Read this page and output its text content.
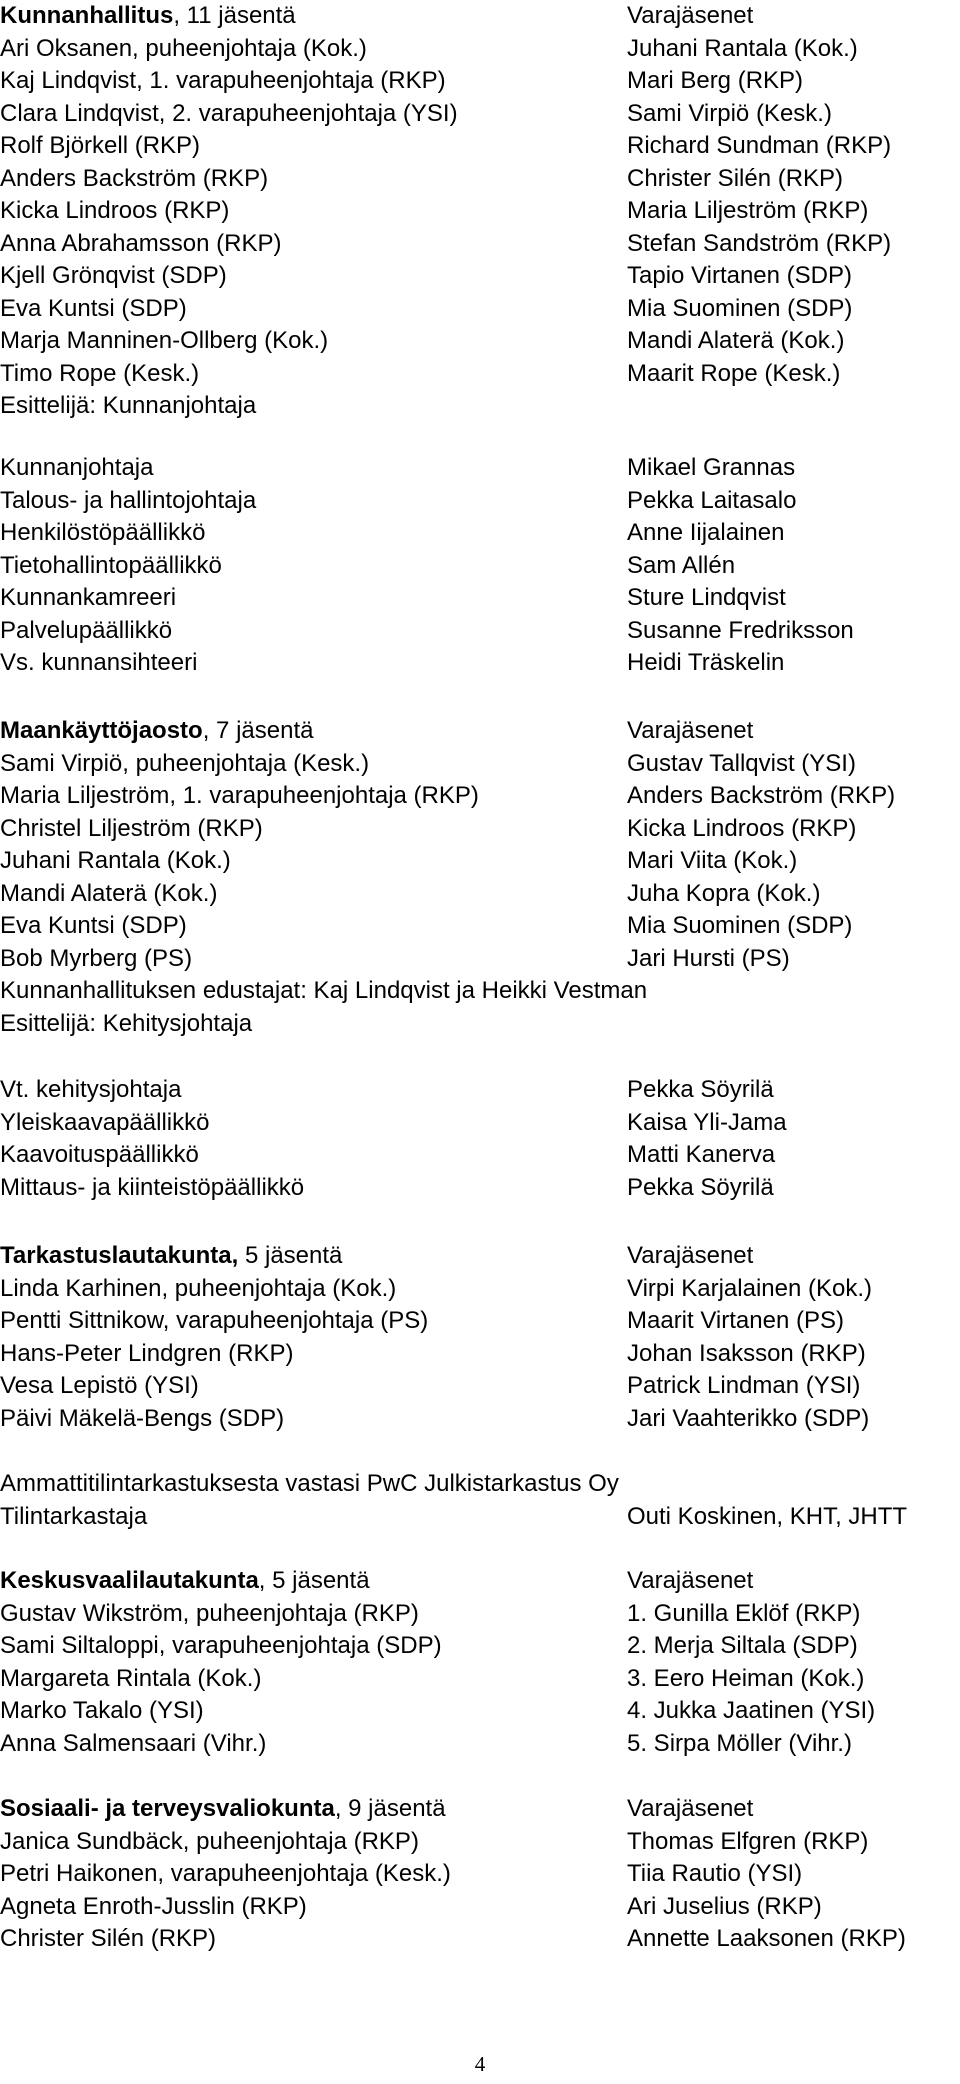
Kunnanhallitus, 11 jäsentä	Varajäsenet
Ari Oksanen, puheenjohtaja (Kok.)	Juhani Rantala (Kok.)
Kaj Lindqvist, 1. varapuheenjohtaja (RKP)	Mari Berg (RKP)
Clara Lindqvist, 2. varapuheenjohtaja (YSI)	Sami Virpiö (Kesk.)
Rolf Björkell (RKP)	Richard Sundman (RKP)
Anders Backström (RKP)	Christer Silén (RKP)
Kicka Lindroos (RKP)	Maria Liljeström (RKP)
Anna Abrahamsson (RKP)	Stefan Sandström (RKP)
Kjell Grönqvist (SDP)	Tapio Virtanen (SDP)
Eva Kuntsi (SDP)	Mia Suominen (SDP)
Marja Manninen-Ollberg (Kok.)	Mandi Alaterä (Kok.)
Timo Rope (Kesk.)	Maarit Rope (Kesk.)
Esittelijä: Kunnanjohtaja
Kunnanjohtaja	Mikael Grannas
Talous- ja hallintojohtaja	Pekka Laitasalo
Henkilöstöpäällikkö	Anne Iijalainen
Tietohallintopäällikkö	Sam Allén
Kunnankamreeri	Sture Lindqvist
Palvelupäällikkö	Susanne Fredriksson
Vs. kunnansihteeri	Heidi Träskelin
Maankäyttöjaosto, 7 jäsentä	Varajäsenet
Sami Virpiö, puheenjohtaja (Kesk.)	Gustav Tallqvist (YSI)
Maria Liljeström, 1. varapuheenjohtaja (RKP)	Anders Backström (RKP)
Christel Liljeström (RKP)	Kicka Lindroos (RKP)
Juhani Rantala (Kok.)	Mari Viita (Kok.)
Mandi Alaterä (Kok.)	Juha Kopra (Kok.)
Eva Kuntsi (SDP)	Mia Suominen (SDP)
Bob Myrberg (PS)	Jari Hursti (PS)
Kunnanhallituksen edustajat: Kaj Lindqvist ja Heikki Vestman
Esittelijä: Kehitysjohtaja
Vt. kehitysjohtaja	Pekka Söyrilä
Yleiskaavapäällikkö	Kaisa Yli-Jama
Kaavoituspäällikkö	Matti Kanerva
Mittaus- ja kiinteistöpäällikkö	Pekka Söyrilä
Tarkastuslautakunta, 5 jäsentä	Varajäsenet
Linda Karhinen, puheenjohtaja (Kok.)	Virpi Karjalainen (Kok.)
Pentti Sittnikow, varapuheenjohtaja (PS)	Maarit Virtanen (PS)
Hans-Peter Lindgren (RKP)	Johan Isaksson (RKP)
Vesa Lepistö (YSI)	Patrick Lindman (YSI)
Päivi Mäkelä-Bengs (SDP)	Jari Vaahterikko (SDP)
Ammattitilintarkastuksesta vastasi PwC Julkistarkastus Oy
Tilintarkastaja	Outi Koskinen, KHT, JHTT
Keskusvaalilautakunta, 5 jäsentä	Varajäsenet
Gustav Wikström, puheenjohtaja (RKP)	1. Gunilla Eklöf (RKP)
Sami Siltaloppi, varapuheenjohtaja (SDP)	2. Merja Siltala (SDP)
Margareta Rintala (Kok.)	3. Eero Heiman (Kok.)
Marko Takalo (YSI)	4. Jukka Jaatinen (YSI)
Anna Salmensaari (Vihr.)	5. Sirpa Möller (Vihr.)
Sosiaali- ja terveysvaliokunta, 9 jäsentä	Varajäsenet
Janica Sundbäck, puheenjohtaja (RKP)	Thomas Elfgren (RKP)
Petri Haikonen, varapuheenjohtaja (Kesk.)	Tiia Rautio (YSI)
Agneta Enroth-Jusslin (RKP)	Ari Juselius (RKP)
Christer Silén (RKP)	Annette Laaksonen (RKP)
4
